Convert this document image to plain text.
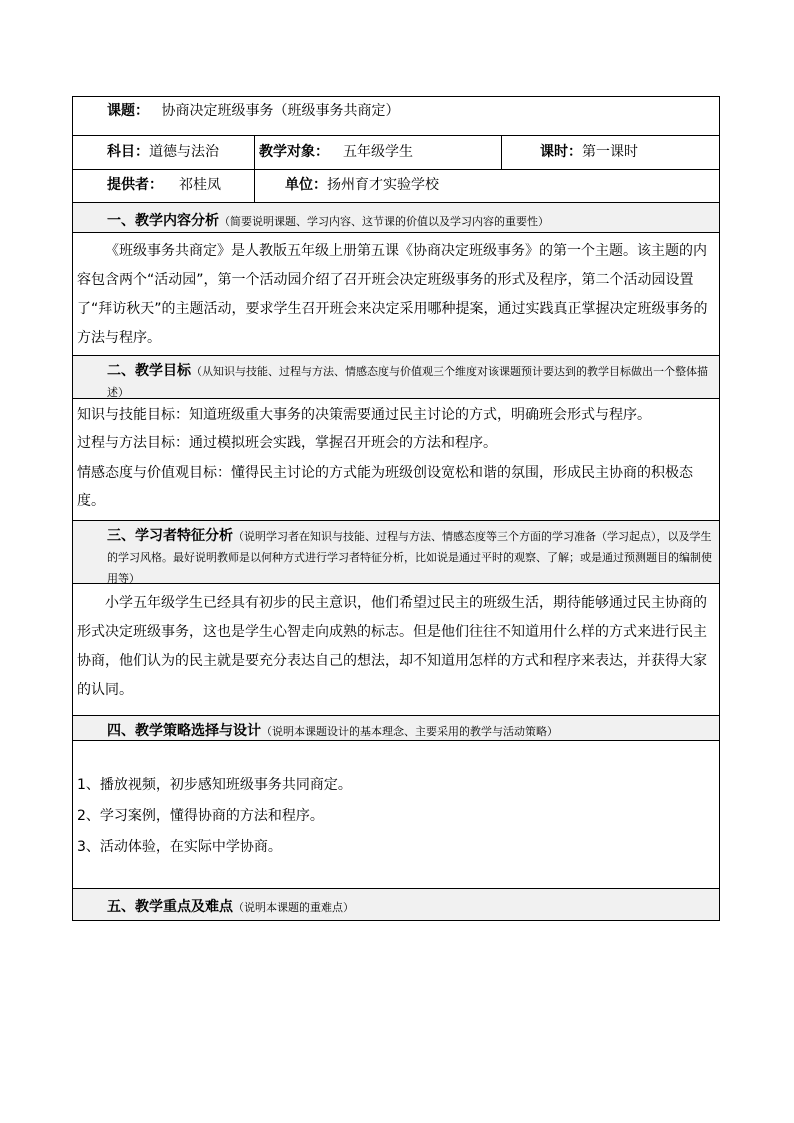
课题： 协商决定班级事务（班级事务共商定）
科目：道德与法治	教学对象： 五年级学生	课时：第一课时
提供者： 祁桂凤	单位：扬州育才实验学校
一、教学内容分析（简要说明课题、学习内容、这节课的价值以及学习内容的重要性）

《班级事务共商定》是人教版五年级上册第五课《协商决定班级事务》的第一个主题。该主题的内容包含两个“活动园”，第一个活动园介绍了召开班会决定班级事务的形式及程序，第二个活动园设置了“拜访秋天”的主题活动，要求学生召开班会来决定采用哪种提案，通过实践真正掌握决定班级事务的方法与程序。

二、教学目标（从知识与技能、过程与方法、情感态度与价值观三个维度对该课题预计要达到的教学目标做出一个整体描述）
知识与技能目标：知道班级重大事务的决策需要通过民主讨论的方式，明确班会形式与程序。
过程与方法目标：通过模拟班会实践，掌握召开班会的方法和程序。
情感态度与价值观目标：懂得民主讨论的方式能为班级创设宽松和谐的氛围，形成民主协商的积极态度。
三、学习者特征分析（说明学习者在知识与技能、过程与方法、情感态度等三个方面的学习准备（学习起点），以及学生的学习风格。最好说明教师是以何种方式进行学习者特征分析，比如说是通过平时的观察、了解；或是通过预测题目的编制使用等）

小学五年级学生已经具有初步的民主意识，他们希望过民主的班级生活，期待能够通过民主协商的形式决定班级事务，这也是学生心智走向成熟的标志。但是他们往往不知道用什么样的方式来进行民主协商，他们认为的民主就是要充分表达自己的想法，却不知道用怎样的方式和程序来表达，并获得大家的认同。

四、教学策略选择与设计（说明本课题设计的基本理念、主要采用的教学与活动策略）
1、播放视频，初步感知班级事务共同商定。
2、学习案例，懂得协商的方法和程序。
3、活动体验，在实际中学协商。
五、教学重点及难点（说明本课题的重难点）
